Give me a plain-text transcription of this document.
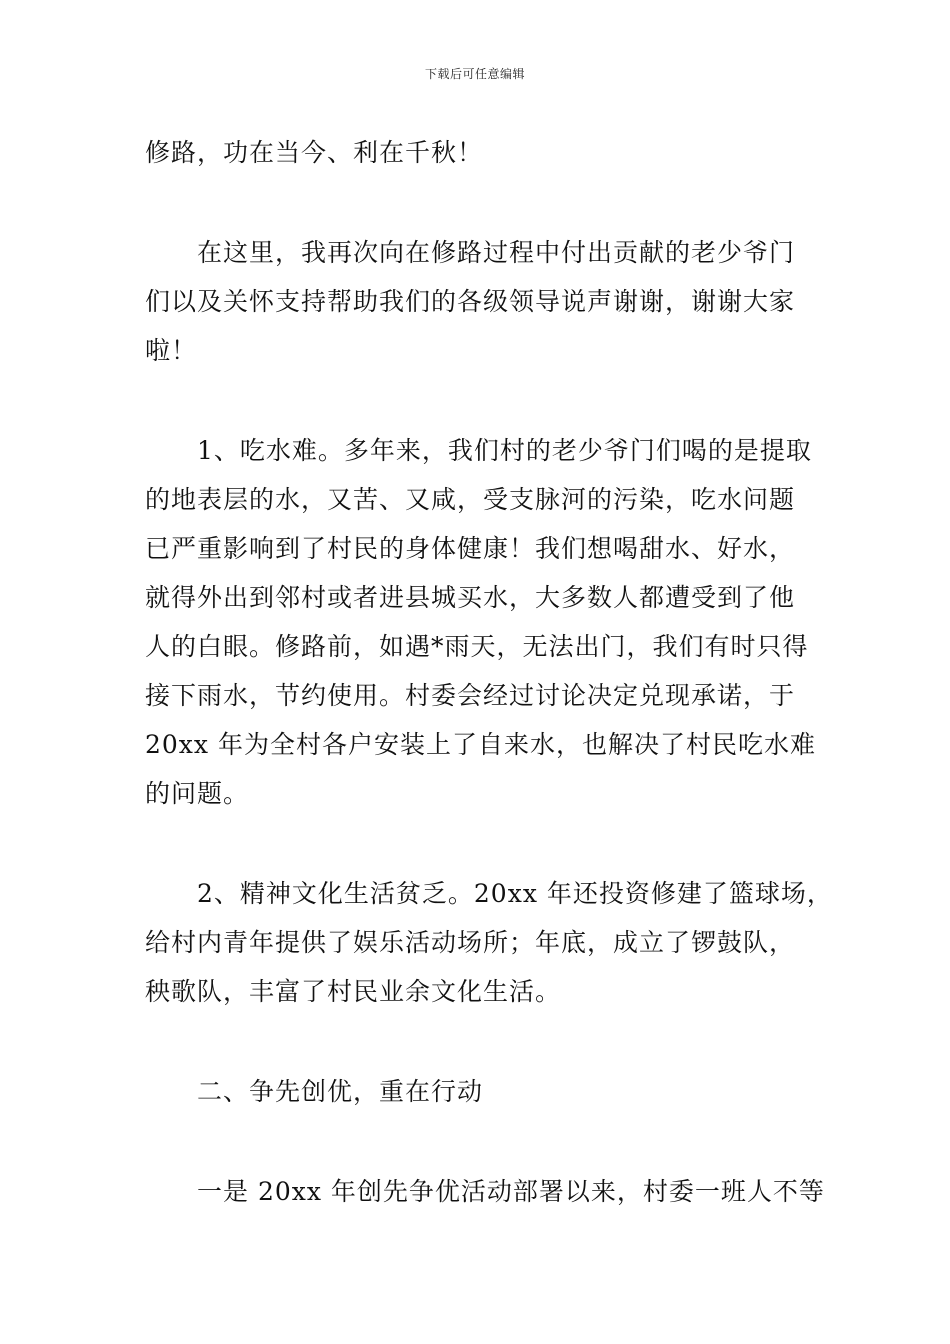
下载后可任意编辑
修路，功在当今、利在千秋！
在这里，我再次向在修路过程中付出贡献的老少爷门
们以及关怀支持帮助我们的各级领导说声谢谢，谢谢大家
啦！
1、吃水难。多年来，我们村的老少爷门们喝的是提取
的地表层的水，又苦、又咸，受支脉河的污染，吃水问题
已严重影响到了村民的身体健康！我们想喝甜水、好水，
就得外出到邻村或者进县城买水，大多数人都遭受到了他
人的白眼。修路前，如遇*雨天，无法出门，我们有时只得
接下雨水，节约使用。村委会经过讨论决定兑现承诺，于
20xx 年为全村各户安装上了自来水，也解决了村民吃水难
的问题。
2、精神文化生活贫乏。20xx 年还投资修建了篮球场，
给村内青年提供了娱乐活动场所；年底，成立了锣鼓队，
秧歌队，丰富了村民业余文化生活。
二、争先创优，重在行动
一是 20xx 年创先争优活动部署以来，村委一班人不等
